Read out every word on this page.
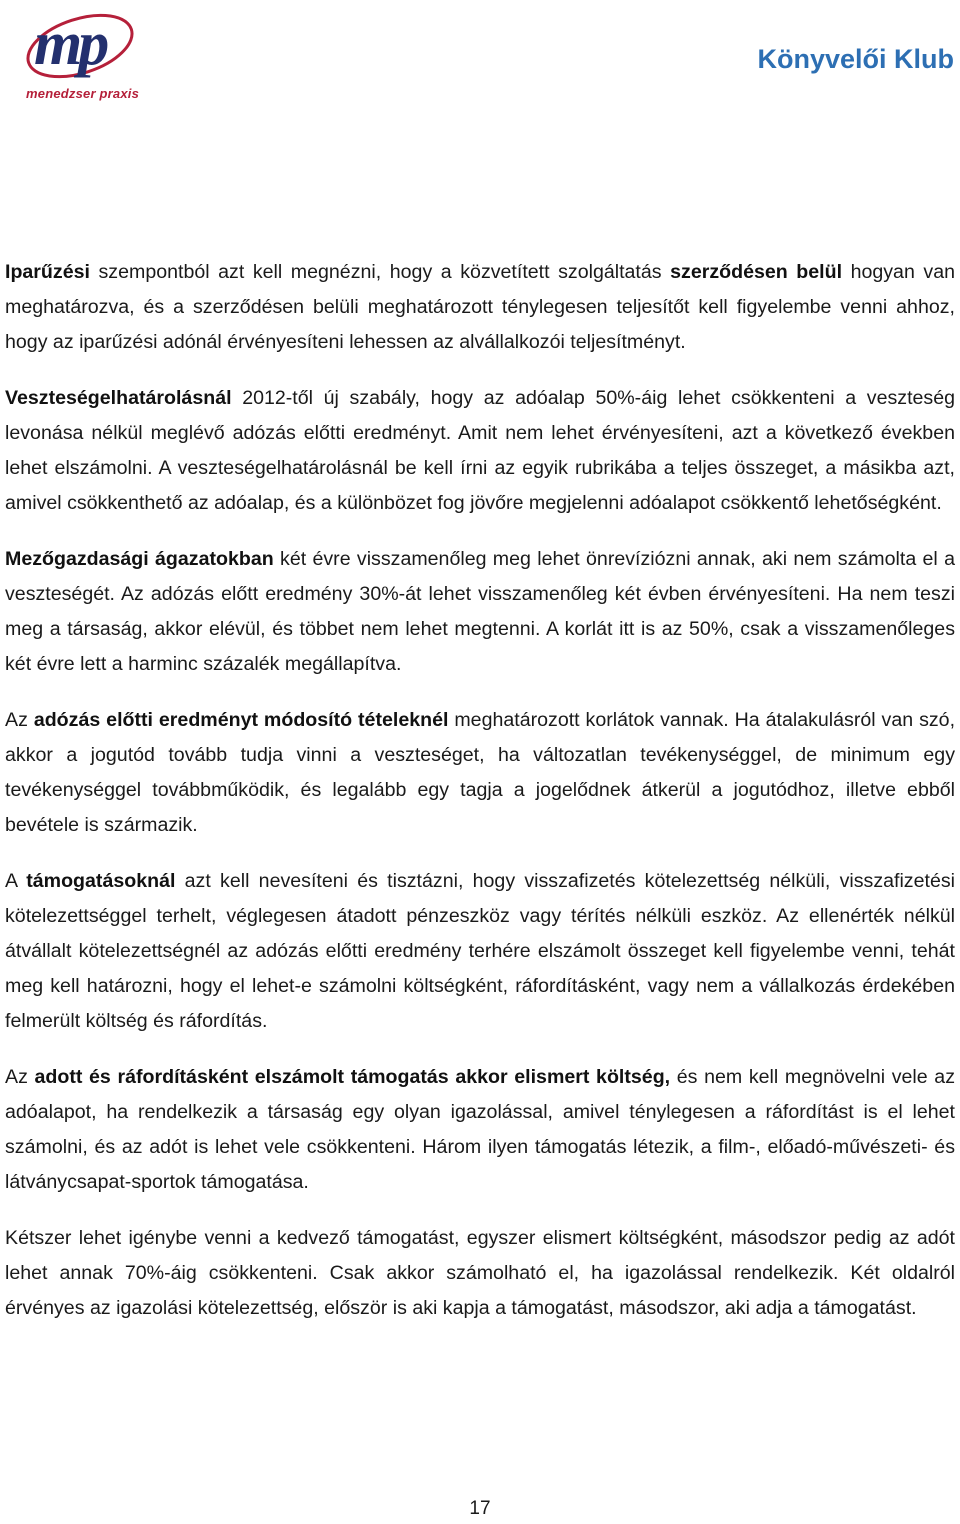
mp
menedzser praxis
Könyvelői Klub

Iparűzési szempontból azt kell megnézni, hogy a közvetített szolgáltatás szerződésen belül hogyan van meghatározva, és a szerződésen belüli meghatározott ténylegesen teljesítőt kell figyelembe venni ahhoz, hogy az iparűzési adónál érvényesíteni lehessen az alvállalkozói teljesítményt.

Veszteségelhatárolásnál 2012-től új szabály, hogy az adóalap 50%-áig lehet csökkenteni a veszteség levonása nélkül meglévő adózás előtti eredményt. Amit nem lehet érvényesíteni, azt a következő években lehet elszámolni. A veszteségelhatárolásnál be kell írni az egyik rubrikába a teljes összeget, a másikba azt, amivel csökkenthető az adóalap, és a különbözet fog jövőre megjelenni adóalapot csökkentő lehetőségként.

Mezőgazdasági ágazatokban két évre visszamenőleg meg lehet önrevíziózni annak, aki nem számolta el a veszteségét. Az adózás előtt eredmény 30%-át lehet visszamenőleg két évben érvényesíteni. Ha nem teszi meg a társaság, akkor elévül, és többet nem lehet megtenni. A korlát itt is az 50%, csak a visszamenőleges két évre lett a harminc százalék megállapítva.

Az adózás előtti eredményt módosító tételeknél meghatározott korlátok vannak. Ha átalakulásról van szó, akkor a jogutód tovább tudja vinni a veszteséget, ha változatlan tevékenységgel, de minimum egy tevékenységgel továbbműködik, és legalább egy tagja a jogelődnek átkerül a jogutódhoz, illetve ebből bevétele is származik.

A támogatásoknál azt kell nevesíteni és tisztázni, hogy visszafizetés kötelezettség nélküli, visszafizetési kötelezettséggel terhelt, véglegesen átadott pénzeszköz vagy térítés nélküli eszköz. Az ellenérték nélkül átvállalt kötelezettségnél az adózás előtti eredmény terhére elszámolt összeget kell figyelembe venni, tehát meg kell határozni, hogy el lehet-e számolni költségként, ráfordításként, vagy nem a vállalkozás érdekében felmerült költség és ráfordítás.

Az adott és ráfordításként elszámolt támogatás akkor elismert költség, és nem kell megnövelni vele az adóalapot, ha rendelkezik a társaság egy olyan igazolással, amivel ténylegesen a ráfordítást is el lehet számolni, és az adót is lehet vele csökkenteni. Három ilyen támogatás létezik, a film-, előadó-művészeti- és látványcsapat-sportok támogatása.

Kétszer lehet igénybe venni a kedvező támogatást, egyszer elismert költségként, másodszor pedig az adót lehet annak 70%-áig csökkenteni. Csak akkor számolható el, ha igazolással rendelkezik. Két oldalról érvényes az igazolási kötelezettség, először is aki kapja a támogatást, másodszor, aki adja a támogatást.

17
